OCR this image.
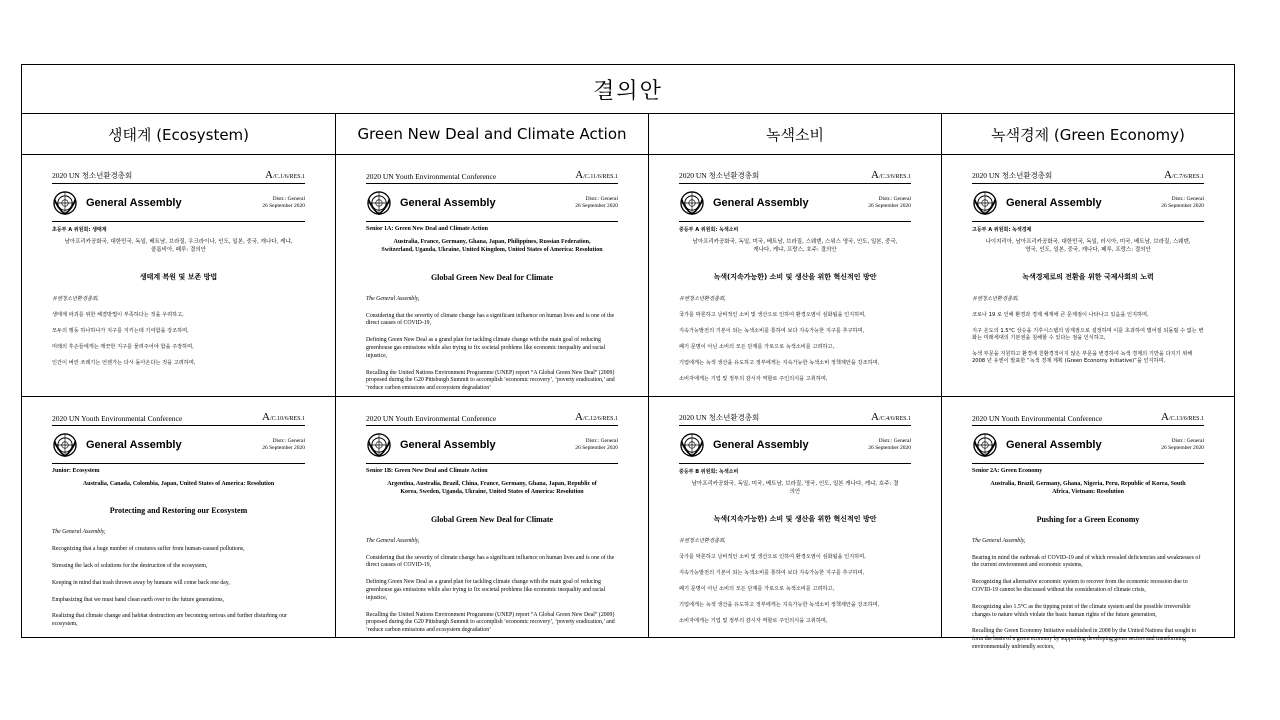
결의안
생태계 (Ecosystem)	Green New Deal and Climate Action	녹색소비	녹색경제 (Green Economy)
2020 UN 청소년환경총회	A/C.1/6/RES.1
General Assembly	Distr.: General
26 September 2020
초등부 A 위원회: 생태계
남아프리카공화국, 대한민국, 독일, 베트남, 브라질, 우크라이나, 인도, 일본, 중국, 캐나다, 케냐, 콜롬비아, 페루: 결의안
생태계 복원 및 보존 방법
유엔청소년환경총회,
생태계 파괴를 위한 해결방법이 부족하다는 것을 우려하고,
모두의 행동 하나하나가 지구를 지키는데 기여함을 강조하며,
미래의 후손들에게는 깨끗한 지구를 물려주어야 함을 주장하며,
인간이 버린 쓰레기는 언젠가는 다시 돌아온다는 것을 고려하며,
2020 UN Youth Environmental Conference	A/C.11/6/RES.1
General Assembly	Distr.: General
26 September 2020
Senior 1A: Green New Deal and Climate Action
Australia, France, Germany, Ghana, Japan, Philippines, Russian Federation, Switzerland, Uganda, Ukraine, United Kingdom, United States of America: Resolution
Global Green New Deal for Climate
The General Assembly,
Considering that the severity of climate change has a significant influence on human lives and is one of the direct causes of COVID-19,
Defining Green New Deal as a grand plan for tackling climate change with the main goal of reducing greenhouse gas emissions while also trying to fix societal problems like economic inequality and racial injustice,
Recalling the United Nations Environment Programme (UNEP) report “A Global Green New Deal” (2009) proposed during the G20 Pittsburgh Summit to accomplish ‘economic recovery’, ‘poverty eradication,’ and ‘reduce carbon emissions and ecosystem degradation’
2020 UN 청소년환경총회	A/C.3/6/RES.1
General Assembly	Distr.: General
26 September 2020
중등부 A 위원회: 녹색소비
남아프리카공화국, 독일, 미국, 베트남, 브라질, 스웨덴, 스위스 영국, 인도, 일본, 중국, 캐나다, 케냐, 프랑스, 호주: 결의안
녹색(지속가능한) 소비 및 생산을 위한 혁신적인 방안
유엔청소년환경총회,
국가를 막론하고 낭비적인 소비 및 생산으로 인하여 환경오염이 심화됨을 인지하며,
지속가능발전의 기본이 되는 녹색소비를 통하여 보다 지속가능한 지구를 추구하며,
폐기 문명이 아닌 소비의 모든 단계를 가로으로 녹색소비를 고려하고,
기업에게는 녹색 생산을 유도하고 정부에게는 지속가능한 녹색소비 정책제안을 강조하며,
소비자에게는 기업 및 정부의 감시자 역할로 주인의식을 고취하며,
2020 UN 청소년환경총회	A/C.7/6/RES.1
General Assembly	Distr.: General
26 September 2020
고등부 A 위원회: 녹색경제
나이지리아, 남아프리카공화국, 대한민국, 독일, 러시아, 미국, 베트남, 브라질, 스웨덴, 영국, 인도, 일본, 중국, 캐나다, 페루, 프랑스: 결의안
녹색경제로의 전환을 위한 국제사회의 노력
유엔청소년환경총회,
코로나 19 로 인해 환경과 경제 체계에 큰 문제점이 나타나고 있음을 인지하며,
지구 온도의 1.5°C 상승을 기후시스템의 임계점으로 설정하며 이를 초과하여 벌어질 되돌릴 수 없는 변화는 미래세대의 기본권을 침해할 수 있다는 점을 인식하고,
녹색 부문을 지원하고 환경에 친환경적이지 않은 부문을 변경하여 녹색 경제의 기반을 다지기 위해 2008 년 유엔이 발표한 “녹색 경제 계획 (Green Economy Initiative)”을 인지하며,
2020 UN Youth Environmental Conference	A/C.10/6/RES.1
General Assembly	Distr.: General
26 September 2020
Junior: Ecosystem
Australia, Canada, Colombia, Japan, United States of America: Resolution
Protecting and Restoring our Ecosystem
The General Assembly,
Recognizing that a huge number of creatures suffer from human-caused pollutions,
Stressing the lack of solutions for the destruction of the ecosystem,
Keeping in mind that trash thrown away by humans will come back one day,
Emphasizing that we must hand clean earth over to the future generations,
Realizing that climate change and habitat destruction are becoming serious and further disturbing our ecosystem,
2020 UN Youth Environmental Conference	A/C.12/6/RES.1
General Assembly	Distr.: General
26 September 2020
Senior 1B: Green New Deal and Climate Action
Argentina, Australia, Brazil, China, France, Germany, Ghana, Japan, Republic of Korea, Sweden, Uganda, Ukraine, United States of America: Resolution
Global Green New Deal for Climate
The General Assembly,
Considering that the severity of climate change has a significant influence on human lives and is one of the direct causes of COVID-19,
Defining Green New Deal as a grand plan for tackling climate change with the main goal of reducing greenhouse gas emissions while also trying to fix societal problems like economic inequality and racial injustice,
Recalling the United Nations Environment Programme (UNEP) report “A Global Green New Deal” (2009) proposed during the G20 Pittsburgh Summit to accomplish ‘economic recovery’, ‘poverty eradication,’ and ‘reduce carbon emissions and ecosystem degradation’
2020 UN 청소년환경총회	A/C.4/6/RES.1
General Assembly	Distr.: General
26 September 2020
중등부 B 위원회: 녹색소비
남아프리카공화국, 독일, 미국, 베트남, 브라질, 영국, 인도, 일본 캐나다, 케냐, 호주: 결의안
녹색(지속가능한) 소비 및 생산을 위한 혁신적인 방안
유엔청소년환경총회,
국가를 막론하고 낭비적인 소비 및 생산으로 인하여 환경오염이 심화됨을 인지하며,
지속가능발전의 기본이 되는 녹색소비를 통하여 보다 지속가능한 지구를 추구하며,
폐기 문명이 아닌 소비의 모든 단계를 가로으로 녹색소비를 고려하고,
기업에게는 녹색 생산을 유도하고 정부에게는 지속가능한 녹색소비 정책제안을 강조하며,
소비자에게는 기업 및 정부의 감시자 역할로 주인의식을 고취하며,
2020 UN Youth Environmental Conference	A/C.13/6/RES.1
General Assembly	Distr.: General
26 September 2020
Senior 2A: Green Economy
Australia, Brazil, Germany, Ghana, Nigeria, Peru, Republic of Korea, South Africa, Vietnam: Resolution
Pushing for a Green Economy
The General Assembly,
Bearing in mind the outbreak of COVID-19 and of which revealed deficiencies and weaknesses of the current environment and economic systems,
Recognizing that alternative economic system to recover from the economic recession due to COVID-19 cannot be discussed without the consideration of climate crisis,
Recognizing also 1.5°C as the tipping point of the climate system and the possible irreversible changes to nature which violate the basic human rights of the future generation,
Recalling the Green Economy Initiative established in 2008 by the United Nations that sought to form the basis of a green economy by supporting developing green sectors and transforming environmentally unfriendly sectors,
